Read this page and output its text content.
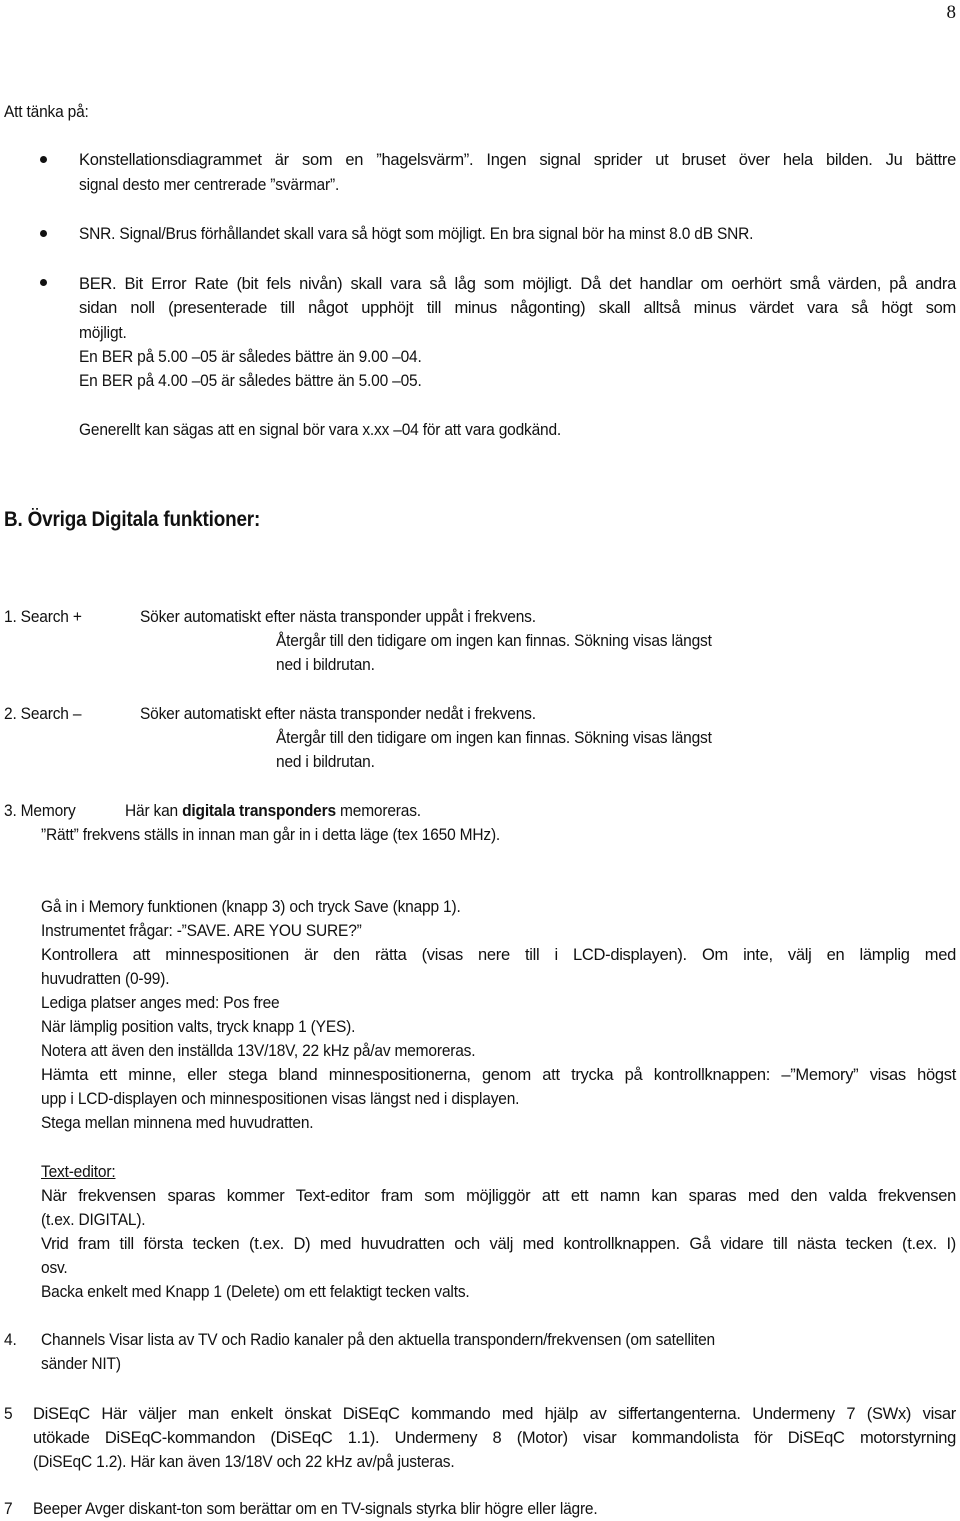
8
Att tänka på:
Konstellationsdiagrammet är som en ”hagelsvärm”. Ingen signal sprider ut bruset över hela bilden. Ju bättre
signal desto mer centrerade ”svärmar”.
SNR. Signal/Brus förhållandet skall vara så högt som möjligt. En bra signal bör ha minst 8.0 dB SNR.
BER. Bit Error Rate (bit fels nivån) skall vara så låg som möjligt. Då det handlar om oerhört små värden, på andra
sidan noll (presenterade till något upphöjt till minus någonting) skall alltså minus värdet vara så högt som
möjligt.
En BER på 5.00 –05 är således bättre än 9.00 –04.
En BER på 4.00 –05 är således bättre än 5.00 –05.
Generellt kan sägas att en signal bör vara x.xx –04 för att vara godkänd.
B. Övriga Digitala funktioner:
1. Search +	Söker automatiskt efter nästa transponder uppåt i frekvens.
Återgår till den tidigare om ingen kan finnas. Sökning visas längst
ned i bildrutan.
2. Search –	Söker automatiskt efter nästa transponder nedåt i frekvens.
Återgår till den tidigare om ingen kan finnas. Sökning visas längst
ned i bildrutan.
3. Memory	Här kan digitala transponders memoreras.
”Rätt” frekvens ställs in innan man går in i detta läge (tex 1650 MHz).
Gå in i Memory funktionen (knapp 3) och tryck Save (knapp 1).
Instrumentet frågar: -”SAVE. ARE YOU SURE?”
Kontrollera att minnespositionen är den rätta (visas nere till i LCD-displayen). Om inte, välj en lämplig med
huvudratten (0-99).
Lediga platser anges med: Pos free
När lämplig position valts, tryck knapp 1 (YES).
Notera att även den inställda 13V/18V, 22 kHz på/av memoreras.
Hämta ett minne, eller stega bland minnespositionerna, genom att trycka på kontrollknappen: –”Memory” visas högst
upp i LCD-displayen och minnespositionen visas längst ned i displayen.
Stega mellan minnena med huvudratten.
Text-editor:
När frekvensen sparas kommer Text-editor fram som möjliggör att ett namn kan sparas med den valda frekvensen
(t.ex. DIGITAL).
Vrid fram till första tecken (t.ex. D) med huvudratten och välj med kontrollknappen. Gå vidare till nästa tecken (t.ex. I)
osv.
Backa enkelt med Knapp 1 (Delete) om ett felaktigt tecken valts.
4. Channels Visar lista av TV och Radio kanaler på den aktuella transpondern/frekvensen (om satelliten
sänder NIT)
5 DiSEqC Här väljer man enkelt önskat DiSEqC kommando med hjälp av siffertangenterna. Undermeny 7 (SWx) visar
utökade DiSEqC-kommandon (DiSEqC 1.1). Undermeny 8 (Motor) visar kommandolista för DiSEqC motorstyrning
(DiSEqC 1.2). Här kan även 13/18V och 22 kHz av/på justeras.
7 Beeper Avger diskant-ton som berättar om en TV-signals styrka blir högre eller lägre.
